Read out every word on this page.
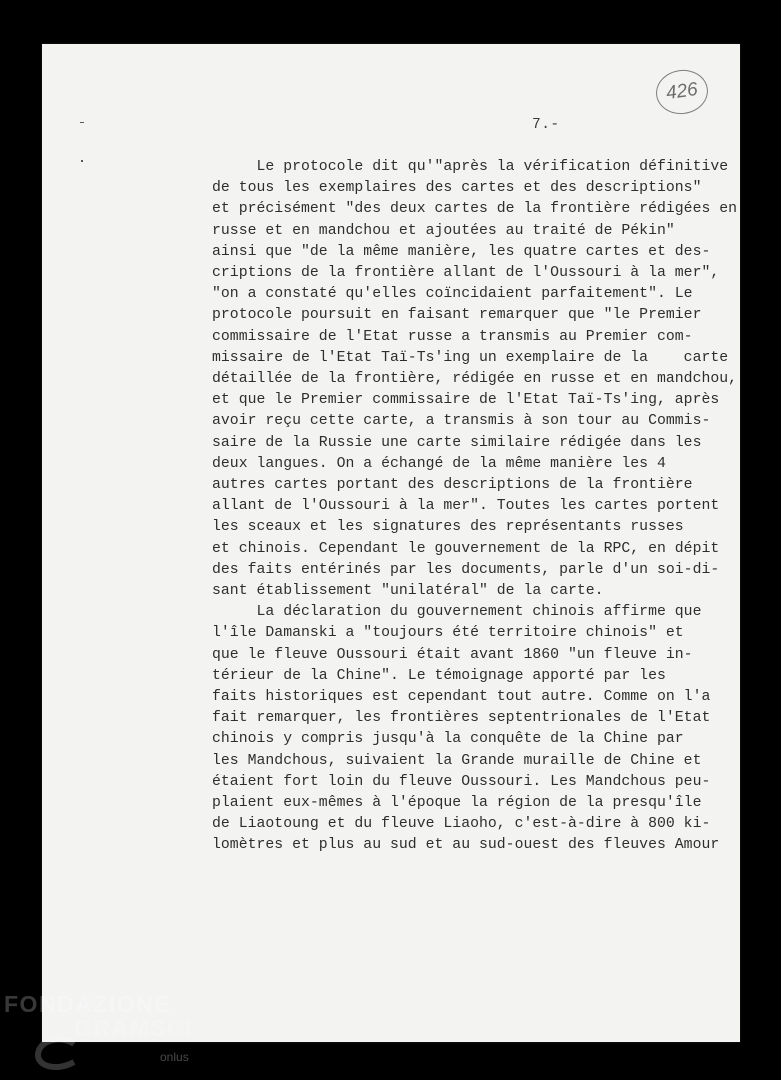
426
7.-
Le protocole dit qu'"après la vérification définitive
de tous les exemplaires des cartes et des descriptions"
et précisément "des deux cartes de la frontière rédigées en
russe et en mandchou et ajoutées au traité de Pékin"
ainsi que "de la même manière, les quatre cartes et des-
criptions de la frontière allant de l'Oussouri à la mer",
"on a constaté qu'elles coïncidaient parfaitement". Le
protocole poursuit en faisant remarquer que "le Premier
commissaire de l'Etat russe a transmis au Premier com-
missaire de l'Etat Taï-Ts'ing un exemplaire de la    carte
détaillée de la frontière, rédigée en russe et en mandchou,
et que le Premier commissaire de l'Etat Taï-Ts'ing, après
avoir reçu cette carte, a transmis à son tour au Commis-
saire de la Russie une carte similaire rédigée dans les
deux langues. On a échangé de la même manière les 4
autres cartes portant des descriptions de la frontière
allant de l'Oussouri à la mer". Toutes les cartes portent
les sceaux et les signatures des représentants russes
et chinois. Cependant le gouvernement de la RPC, en dépit
des faits entérinés par les documents, parle d'un soi-di-
sant établissement "unilatéral" de la carte.
La déclaration du gouvernement chinois affirme que
l'île Damanski a "toujours été territoire chinois" et
que le fleuve Oussouri était avant 1860 "un fleuve in-
térieur de la Chine". Le témoignage apporté par les
faits historiques est cependant tout autre. Comme on l'a
fait remarquer, les frontières septentrionales de l'Etat
chinois y compris jusqu'à la conquête de la Chine par
les Mandchous, suivaient la Grande muraille de Chine et
étaient fort loin du fleuve Oussouri. Les Mandchous peu-
plaient eux-mêmes à l'époque la région de la presqu'île
de Liaotoung et du fleuve Liaoho, c'est-à-dire à 800 ki-
lomètres et plus au sud et au sud-ouest des fleuves Amour
FONDAZIONE
GRAMSCI
onlus
